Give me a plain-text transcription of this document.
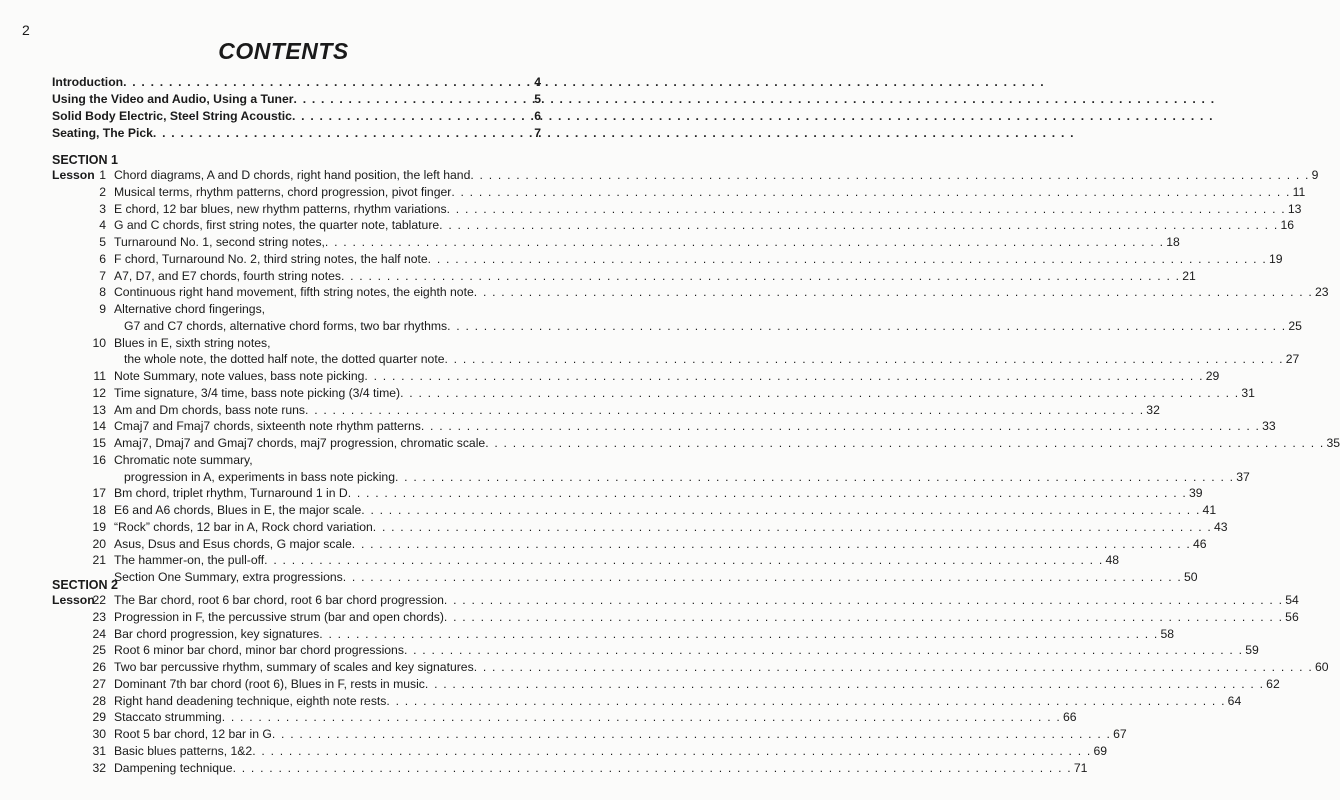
2
CONTENTS
Introduction . . .	4
Using the Video and Audio, Using a Tuner . . .	5
Solid Body Electric, Steel String Acoustic . . .	6
Seating, The Pick . . .	7
SECTION 1
Lesson 1 Chord diagrams, A and D chords, right hand position, the left hand . . .	9
2 Musical terms, rhythm patterns, chord progression, pivot finger . . .	11
3 E chord, 12 bar blues, new rhythm patterns, rhythm variations . . .	13
4 G and C chords, first string notes, the quarter note, tablature . . .	16
5 Turnaround No. 1, second string notes, . . .	18
6 F chord, Turnaround No. 2, third string notes, the half note . . .	19
7 A7, D7, and E7 chords, fourth string notes . . .	21
8 Continuous right hand movement, fifth string notes, the eighth note . . .	23
9 Alternative chord fingerings,
G7 and C7 chords, alternative chord forms, two bar rhythms . . .	25
10 Blues in E, sixth string notes,
the whole note, the dotted half note, the dotted quarter note . . .	27
11 Note Summary, note values, bass note picking . . .	29
12 Time signature, 3/4 time, bass note picking (3/4 time) . . .	31
13 Am and Dm chords, bass note runs . . .	32
14 Cmaj7 and Fmaj7 chords, sixteenth note rhythm patterns . . .	33
15 Amaj7, Dmaj7 and Gmaj7 chords, maj7 progression, chromatic scale . . .	35
16 Chromatic note summary,
progression in A, experiments in bass note picking . . .	37
17 Bm chord, triplet rhythm, Turnaround 1 in D . . .	39
18 E6 and A6 chords, Blues in E, the major scale . . .	41
19 “Rock” chords, 12 bar in A, Rock chord variation . . .	43
20 Asus, Dsus and Esus chords, G major scale . . .	46
21 The hammer-on, the pull-off . . .	48
Section One Summary, extra progressions . . .	50
SECTION 2
Lesson
22 The Bar chord, root 6 bar chord, root 6 bar chord progression . . .	54
23 Progression in F, the percussive strum (bar and open chords) . . .	56
24 Bar chord progression, key signatures . . .	58
25 Root 6 minor bar chord, minor bar chord progressions . . .	59
26 Two bar percussive rhythm, summary of scales and key signatures . . .	60
27 Dominant 7th bar chord (root 6), Blues in F, rests in music . . .	62
28 Right hand deadening technique, eighth note rests . . .	64
29 Staccato strumming . . .	66
30 Root 5 bar chord, 12 bar in G . . .	67
31 Basic blues patterns, 1&2 . . .	69
32 Dampening technique . . .	71
